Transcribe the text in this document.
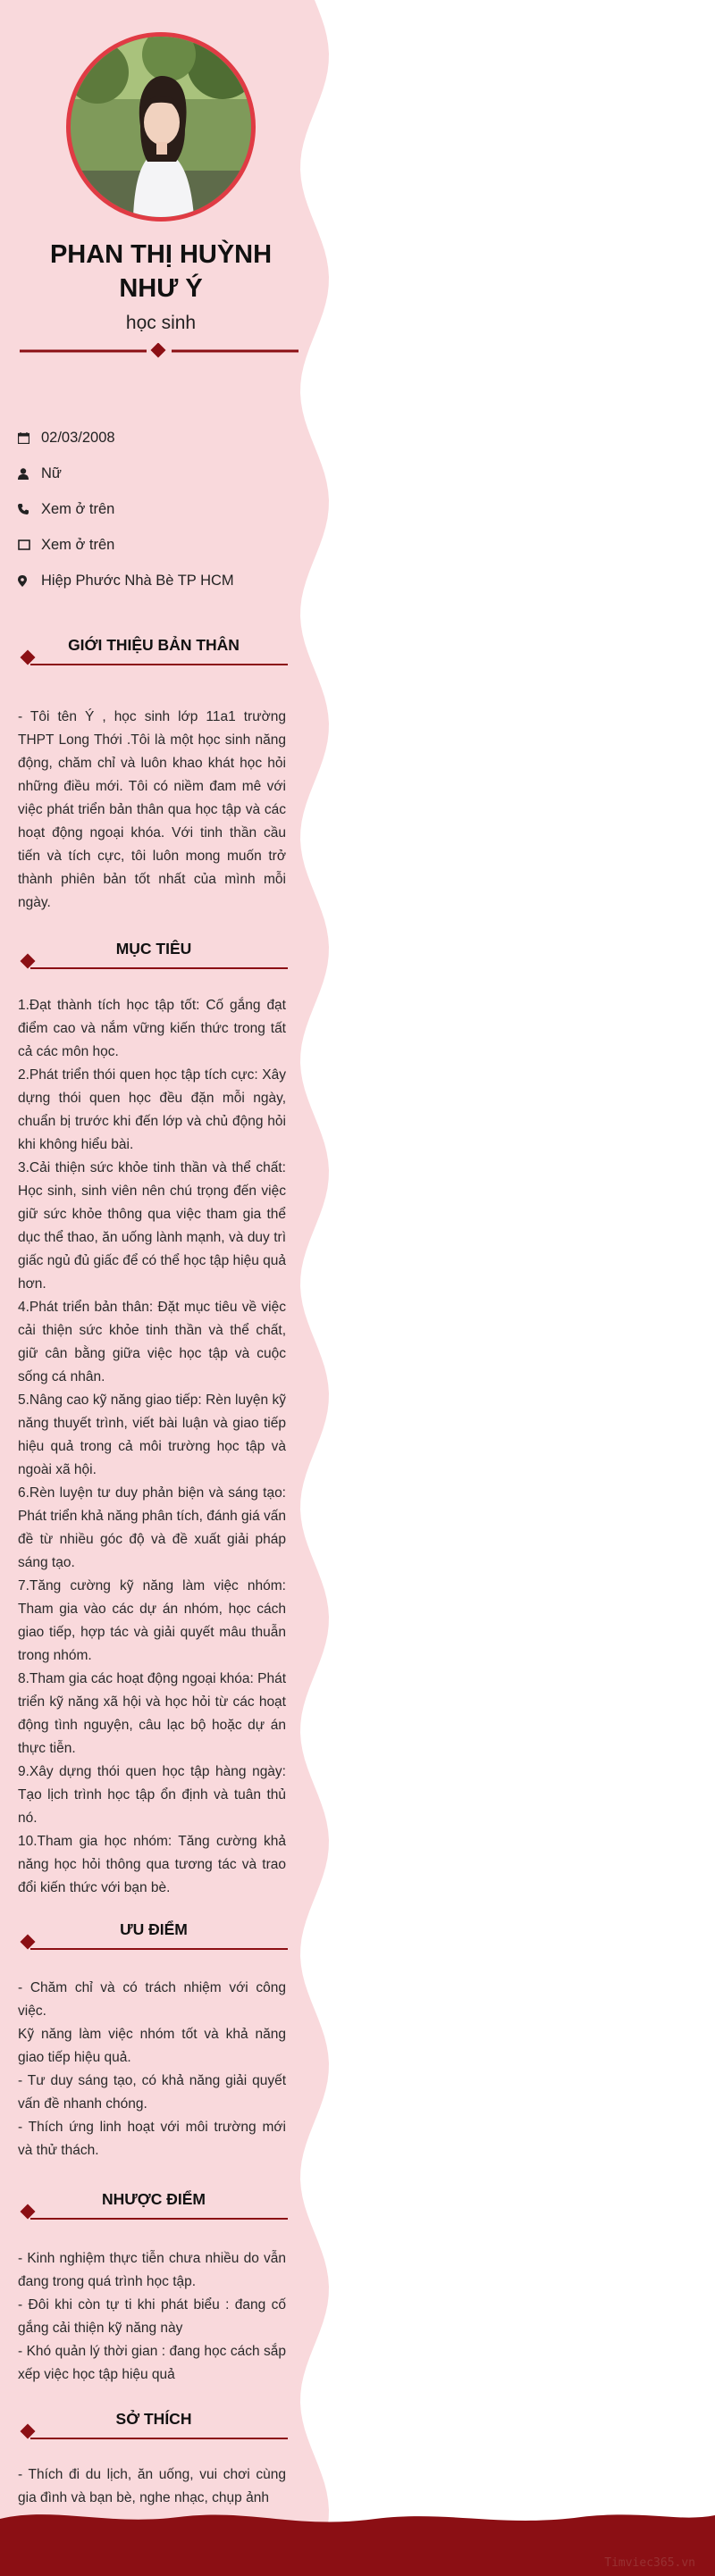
PHAN THỊ HUỲNH NHƯ Ý
học sinh
02/03/2008
Nữ
Xem ở trên
Xem ở trên
Hiệp Phước Nhà Bè TP HCM
GIỚI THIỆU BẢN THÂN

- Tôi tên Ý , học sinh lớp 11a1 trường THPT Long Thới .Tôi là một học sinh năng động, chăm chỉ và luôn khao khát học hỏi những điều mới. Tôi có niềm đam mê với việc phát triển bản thân qua học tập và các hoạt động ngoại khóa. Với tinh thần cầu tiến và tích cực, tôi luôn mong muốn trở thành phiên bản tốt nhất của mình mỗi ngày.

MỤC TIÊU

1.Đạt thành tích học tập tốt: Cố gắng đạt điểm cao và nắm vững kiến thức trong tất cả các môn học.

2.Phát triển thói quen học tập tích cực: Xây dựng thói quen học đều đặn mỗi ngày, chuẩn bị trước khi đến lớp và chủ động hỏi khi không hiểu bài.

3.Cải thiện sức khỏe tinh thần và thể chất: Học sinh, sinh viên nên chú trọng đến việc giữ sức khỏe thông qua việc tham gia thể dục thể thao, ăn uống lành mạnh, và duy trì giấc ngủ đủ giấc để có thể học tập hiệu quả hơn.

4.Phát triển bản thân: Đặt mục tiêu về việc cải thiện sức khỏe tinh thần và thể chất, giữ cân bằng giữa việc học tập và cuộc sống cá nhân.

5.Nâng cao kỹ năng giao tiếp: Rèn luyện kỹ năng thuyết trình, viết bài luận và giao tiếp hiệu quả trong cả môi trường học tập và ngoài xã hội.

6.Rèn luyện tư duy phản biện và sáng tạo: Phát triển khả năng phân tích, đánh giá vấn đề từ nhiều góc độ và đề xuất giải pháp sáng tạo.

7.Tăng cường kỹ năng làm việc nhóm: Tham gia vào các dự án nhóm, học cách giao tiếp, hợp tác và giải quyết mâu thuẫn trong nhóm.

8.Tham gia các hoạt động ngoại khóa: Phát triển kỹ năng xã hội và học hỏi từ các hoạt động tình nguyện, câu lạc bộ hoặc dự án thực tiễn.

9.Xây dựng thói quen học tập hàng ngày: Tạo lịch trình học tập ổn định và tuân thủ nó.

10.Tham gia học nhóm: Tăng cường khả năng học hỏi thông qua tương tác và trao đổi kiến thức với bạn bè.

ƯU ĐIỂM

- Chăm chỉ và có trách nhiệm với công việc.

Kỹ năng làm việc nhóm tốt và khả năng giao tiếp hiệu quả.

- Tư duy sáng tạo, có khả năng giải quyết vấn đề nhanh chóng.

- Thích ứng linh hoạt với môi trường mới và thử thách.

NHƯỢC ĐIỂM

- Kinh nghiệm thực tiễn chưa nhiều do vẫn đang trong quá trình học tập.

- Đôi khi còn tự ti khi phát biểu : đang cố gắng cải thiện kỹ năng này

- Khó quản lý thời gian : đang học cách sắp xếp việc học tập hiệu quả

SỞ THÍCH

- Thích đi du lịch, ăn uống, vui chơi cùng gia đình và bạn bè, nghe nhạc, chụp ảnh

Timviec365.vn
